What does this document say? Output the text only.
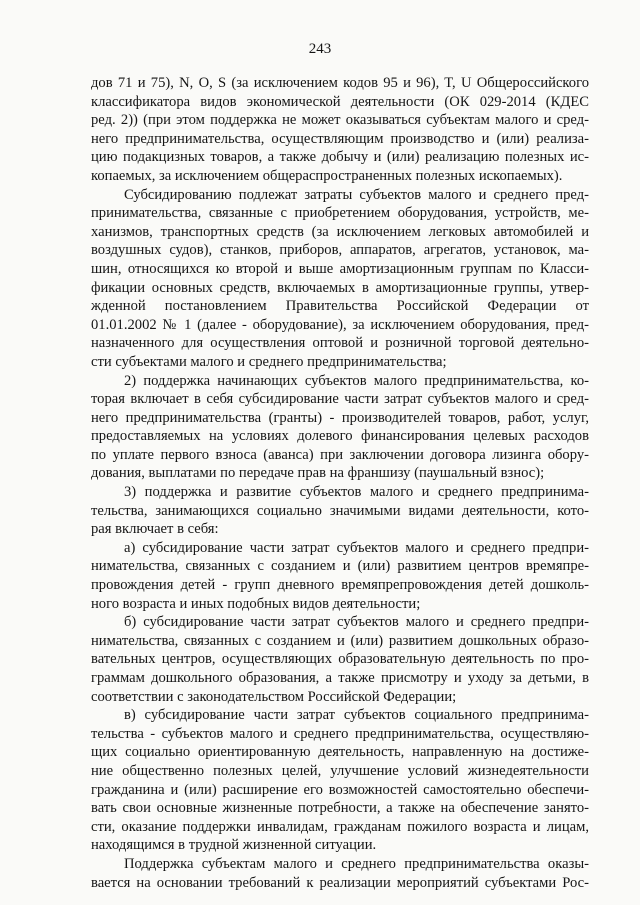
243
дов 71 и 75), N, O, S (за исключением кодов 95 и 96), T, U Общероссийского
классификатора видов экономической деятельности (ОК 029-2014 (КДЕС
ред. 2)) (при этом поддержка не может оказываться субъектам малого и сред-
него предпринимательства, осуществляющим производство и (или) реализа-
цию подакцизных товаров, а также добычу и (или) реализацию полезных ис-
копаемых, за исключением общераспространенных полезных ископаемых).
Субсидированию подлежат затраты субъектов малого и среднего пред-
принимательства, связанные с приобретением оборудования, устройств, ме-
ханизмов, транспортных средств (за исключением легковых автомобилей и
воздушных судов), станков, приборов, аппаратов, агрегатов, установок, ма-
шин, относящихся ко второй и выше амортизационным группам по Класси-
фикации основных средств, включаемых в амортизационные группы, утвер-
жденной постановлением Правительства Российской Федерации от
01.01.2002 № 1 (далее - оборудование), за исключением оборудования, пред-
назначенного для осуществления оптовой и розничной торговой деятельно-
сти субъектами малого и среднего предпринимательства;
2) поддержка начинающих субъектов малого предпринимательства, ко-
торая включает в себя субсидирование части затрат субъектов малого и сред-
него предпринимательства (гранты) - производителей товаров, работ, услуг,
предоставляемых на условиях долевого финансирования целевых расходов
по уплате первого взноса (аванса) при заключении договора лизинга обору-
дования, выплатами по передаче прав на франшизу (паушальный взнос);
3) поддержка и развитие субъектов малого и среднего предпринима-
тельства, занимающихся социально значимыми видами деятельности, кото-
рая включает в себя:
а) субсидирование части затрат субъектов малого и среднего предпри-
нимательства, связанных с созданием и (или) развитием центров времяпре-
провождения детей - групп дневного времяпрепровождения детей дошколь-
ного возраста и иных подобных видов деятельности;
б) субсидирование части затрат субъектов малого и среднего предпри-
нимательства, связанных с созданием и (или) развитием дошкольных образо-
вательных центров, осуществляющих образовательную деятельность по про-
граммам дошкольного образования, а также присмотру и уходу за детьми, в
соответствии с законодательством Российской Федерации;
в) субсидирование части затрат субъектов социального предпринима-
тельства - субъектов малого и среднего предпринимательства, осуществляю-
щих социально ориентированную деятельность, направленную на достиже-
ние общественно полезных целей, улучшение условий жизнедеятельности
гражданина и (или) расширение его возможностей самостоятельно обеспечи-
вать свои основные жизненные потребности, а также на обеспечение занято-
сти, оказание поддержки инвалидам, гражданам пожилого возраста и лицам,
находящимся в трудной жизненной ситуации.
Поддержка субъектам малого и среднего предпринимательства оказы-
вается на основании требований к реализации мероприятий субъектами Рос-
